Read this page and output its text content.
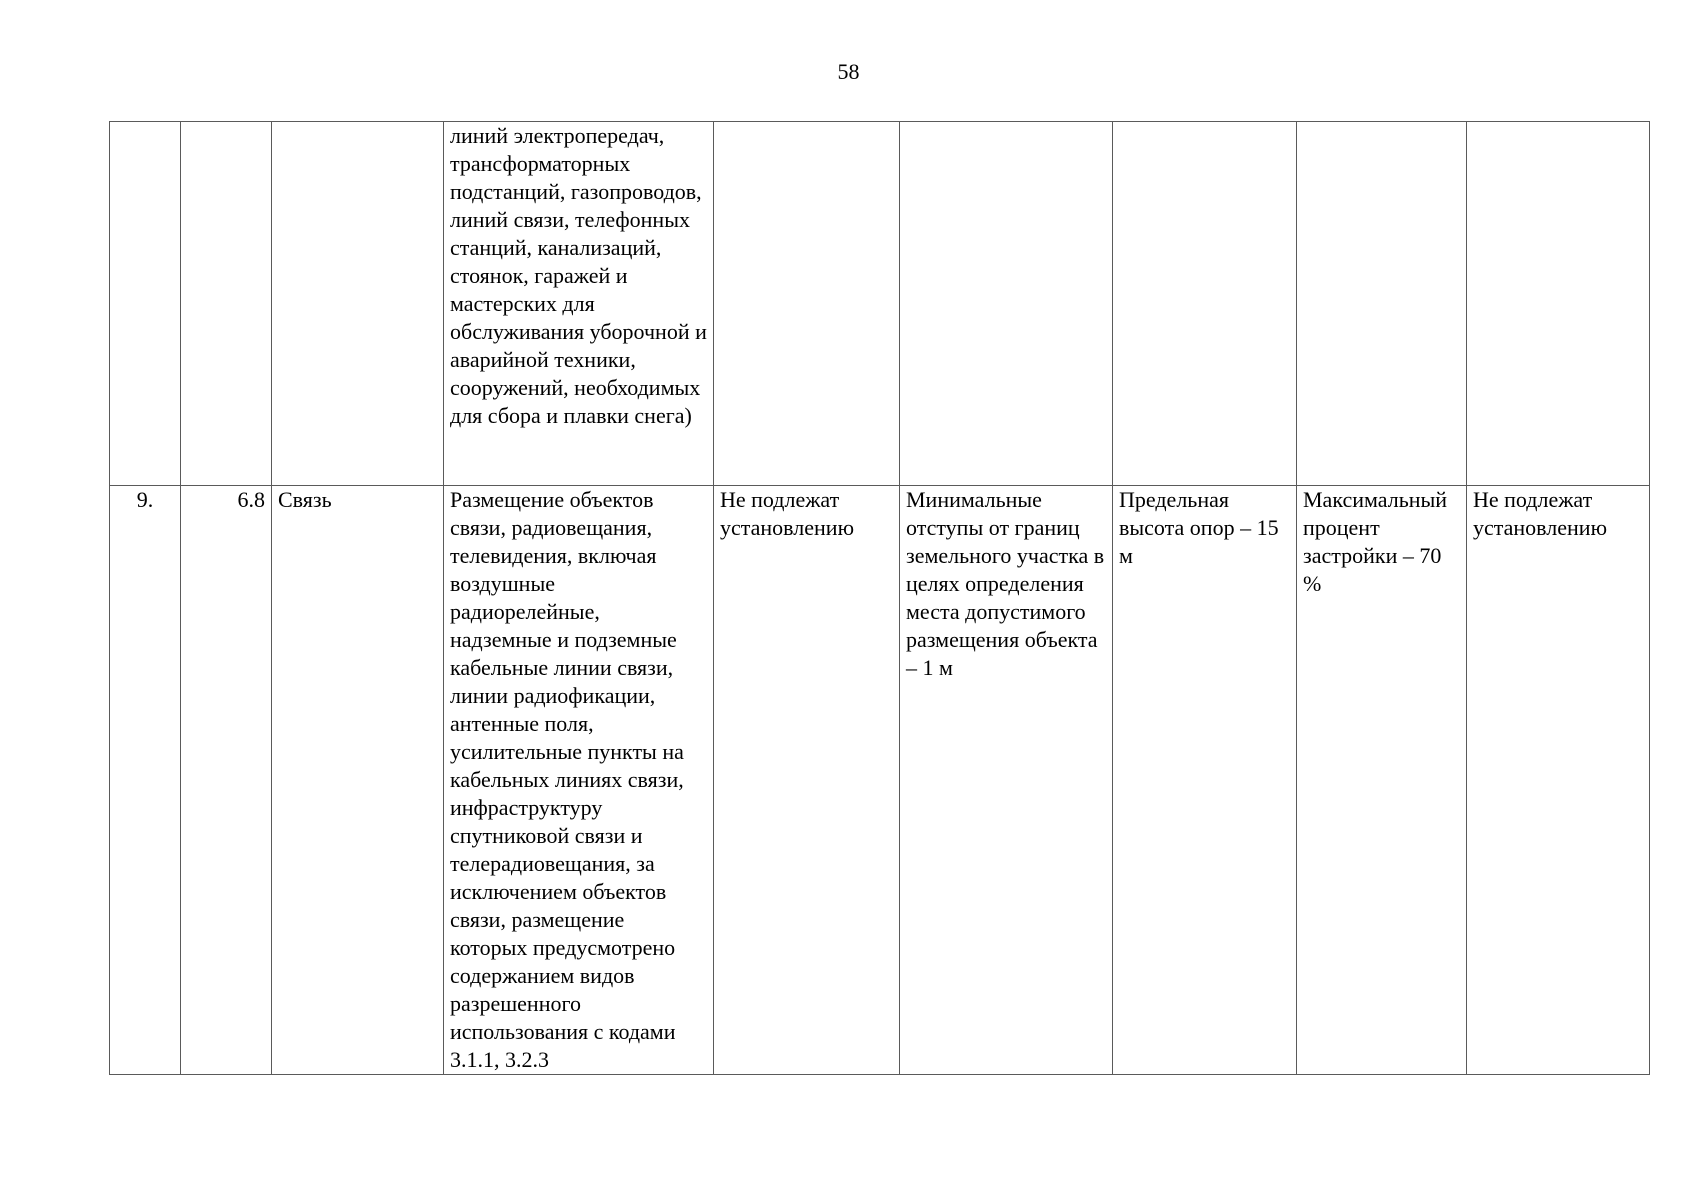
58
			линий электропередач, трансформаторных подстанций, газопроводов, линий связи, телефонных станций, канализаций, стоянок, гаражей и мастерских для обслуживания уборочной и аварийной техники, сооружений, необходимых для сбора и плавки снега)					
9.	6.8	Связь	Размещение объектов связи, радиовещания, телевидения, включая воздушные радиорелейные, надземные и подземные кабельные линии связи, линии радиофикации, антенные поля, усилительные пункты на кабельных линиях связи, инфраструктуру спутниковой связи и телерадиовещания, за исключением объектов связи, размещение которых предусмотрено содержанием видов разрешенного использования с кодами 3.1.1, 3.2.3	Не подлежат установлению	Минимальные отступы от границ земельного участка в целях определения места допустимого размещения объекта – 1 м	Предельная высота опор – 15 м	Максимальный процент застройки – 70 %	Не подлежат установлению
